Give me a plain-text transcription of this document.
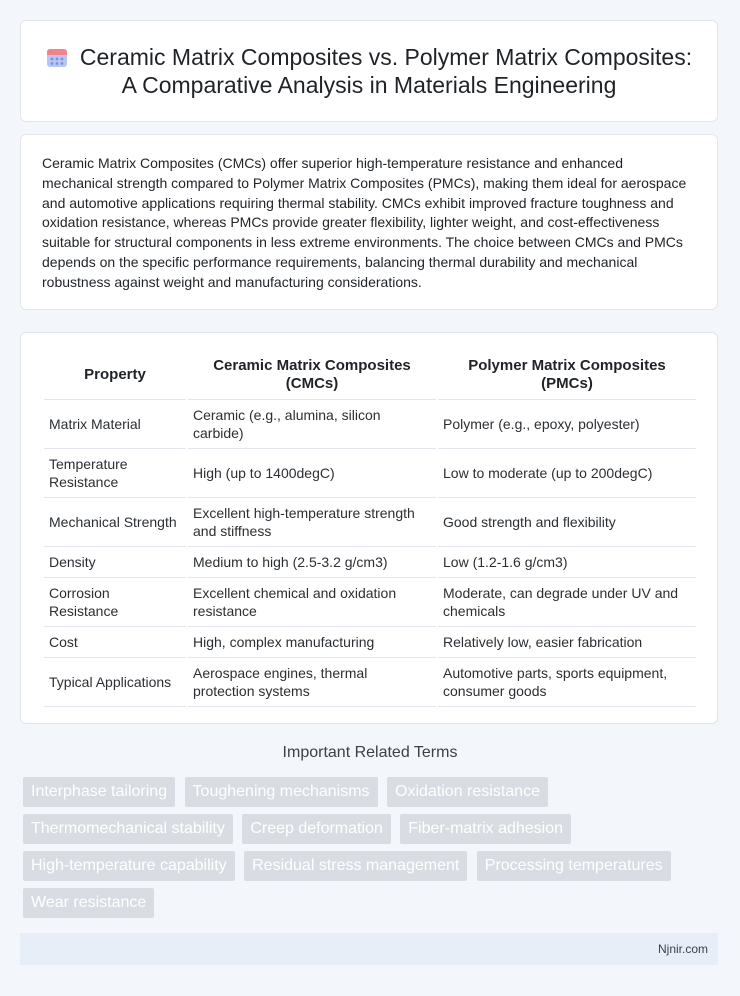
Ceramic Matrix Composites vs. Polymer Matrix Composites: A Comparative Analysis in Materials Engineering

Ceramic Matrix Composites (CMCs) offer superior high-temperature resistance and enhanced mechanical strength compared to Polymer Matrix Composites (PMCs), making them ideal for aerospace and automotive applications requiring thermal stability. CMCs exhibit improved fracture toughness and oxidation resistance, whereas PMCs provide greater flexibility, lighter weight, and cost-effectiveness suitable for structural components in less extreme environments. The choice between CMCs and PMCs depends on the specific performance requirements, balancing thermal durability and mechanical robustness against weight and manufacturing considerations.

Property	Ceramic Matrix Composites (CMCs)	Polymer Matrix Composites (PMCs)
Matrix Material	Ceramic (e.g., alumina, silicon carbide)	Polymer (e.g., epoxy, polyester)
Temperature Resistance	High (up to 1400degC)	Low to moderate (up to 200degC)
Mechanical Strength	Excellent high-temperature strength and stiffness	Good strength and flexibility
Density	Medium to high (2.5-3.2 g/cm3)	Low (1.2-1.6 g/cm3)
Corrosion Resistance	Excellent chemical and oxidation resistance	Moderate, can degrade under UV and chemicals
Cost	High, complex manufacturing	Relatively low, easier fabrication
Typical Applications	Aerospace engines, thermal protection systems	Automotive parts, sports equipment, consumer goods
Important Related Terms
Interphase tailoring Toughening mechanisms Oxidation resistance Thermomechanical stability Creep deformation Fiber-matrix adhesion High-temperature capability Residual stress management Processing temperatures Wear resistance
Njnir.com
